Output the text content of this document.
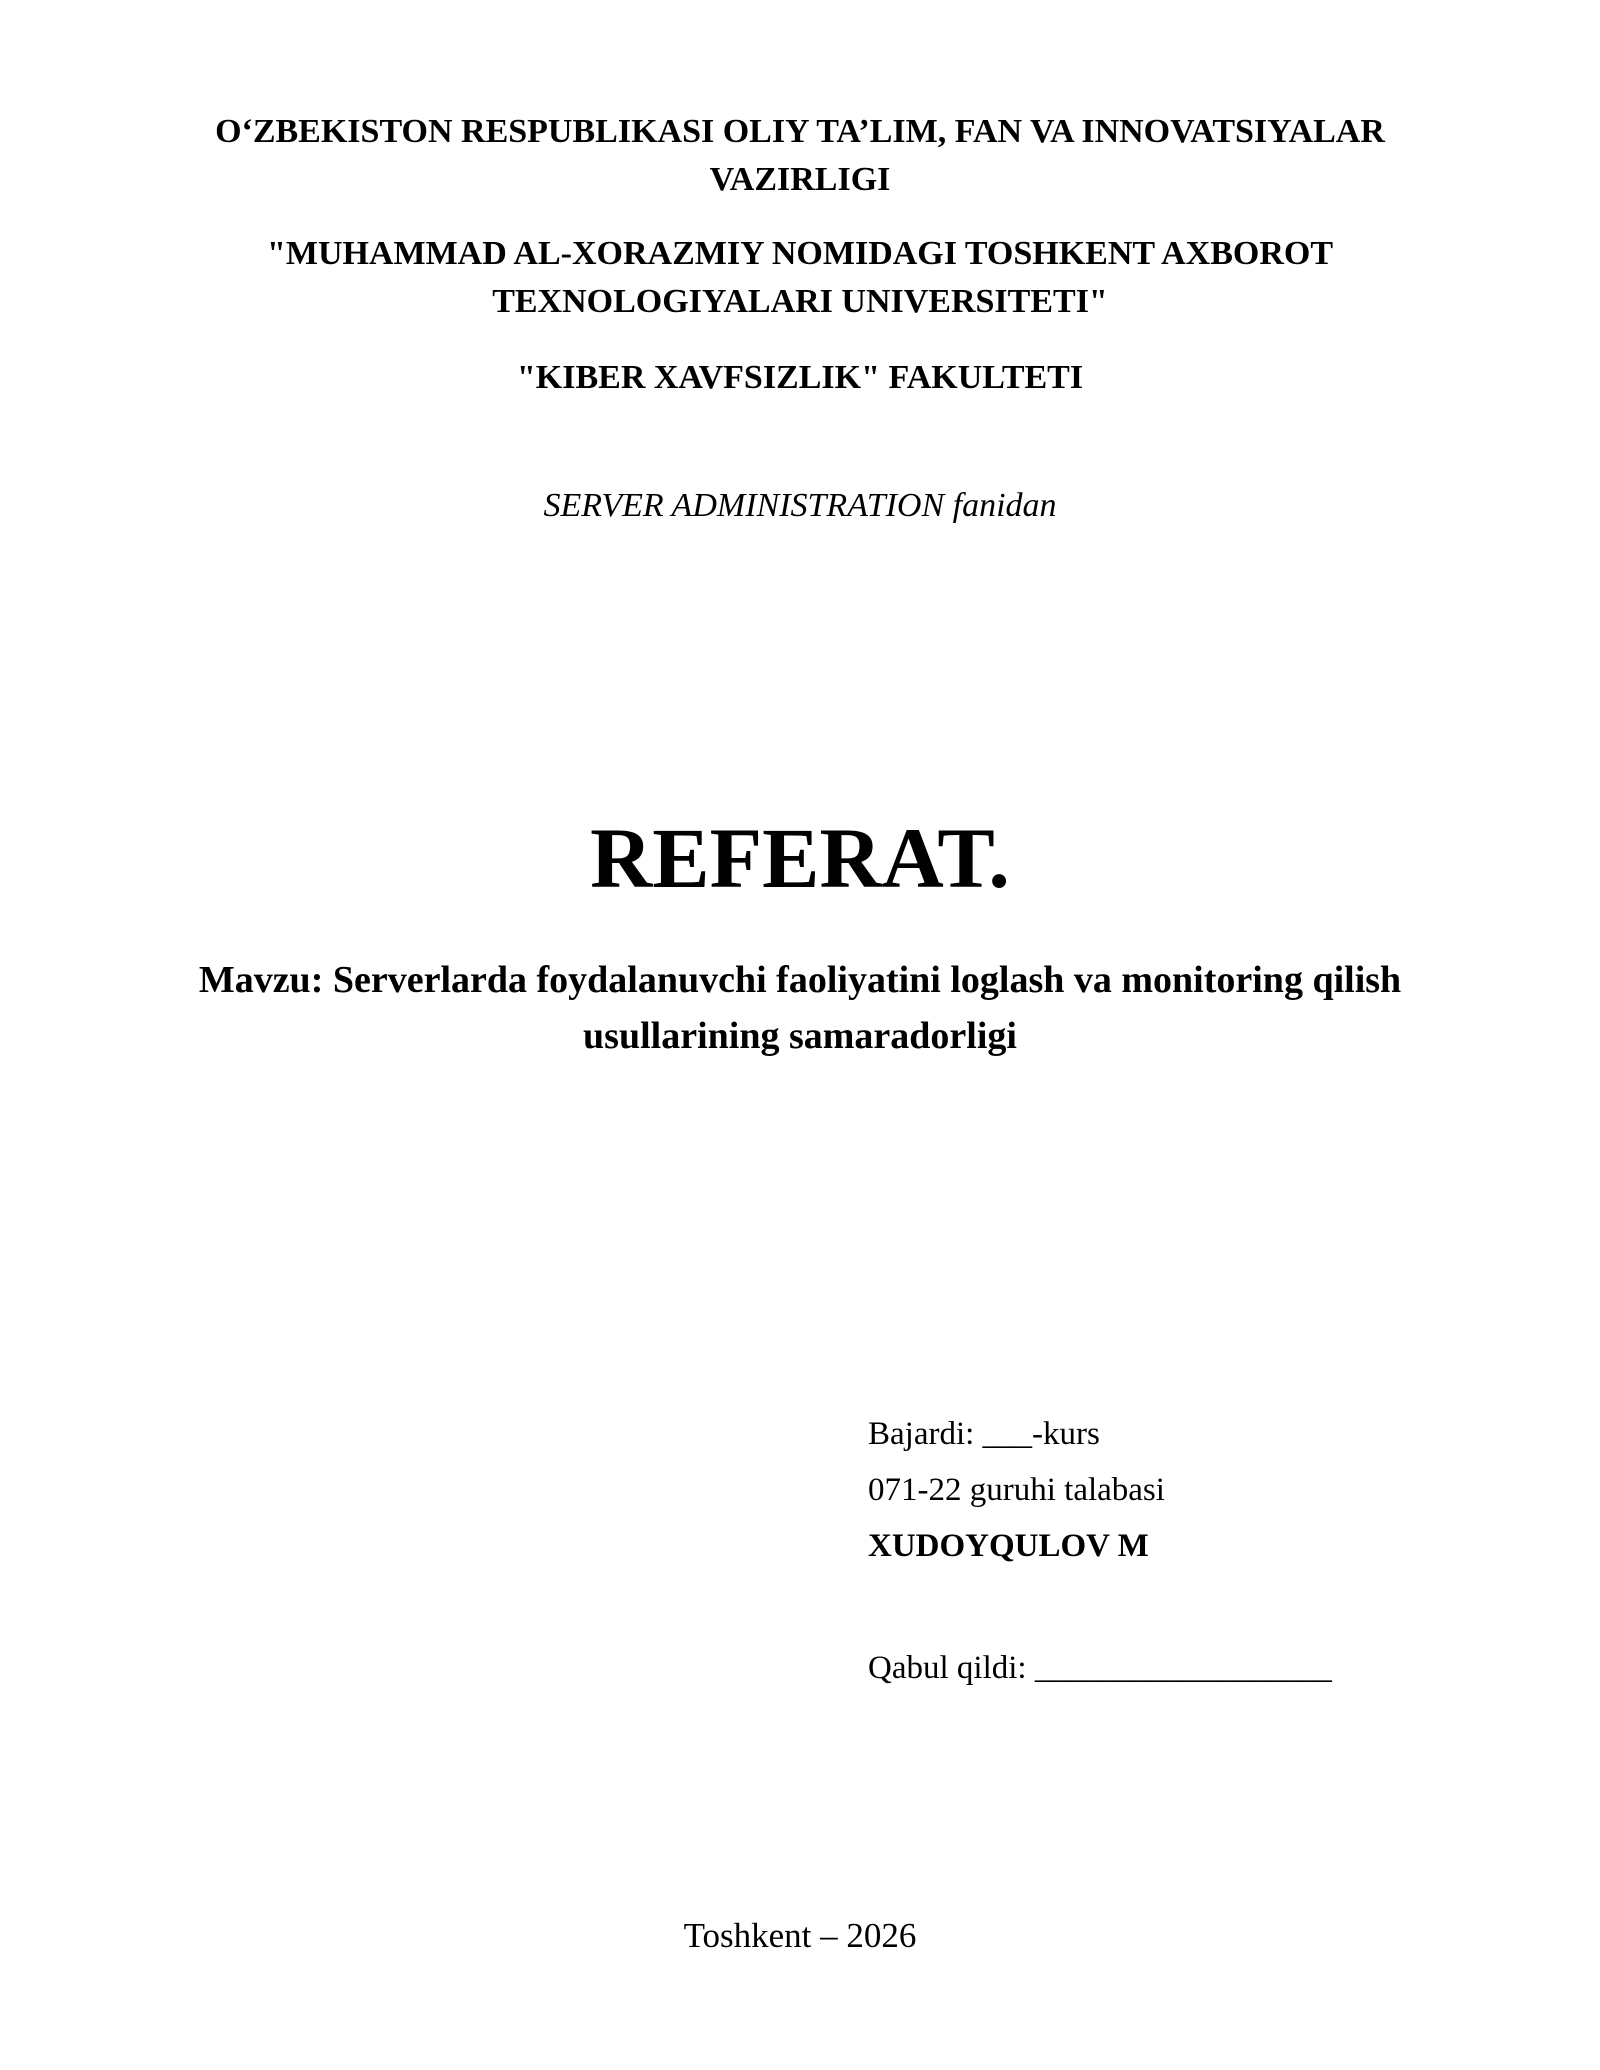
O‘ZBEKISTON RESPUBLIKASI OLIY TA’LIM, FAN VA INNOVATSIYALAR
VAZIRLIGI
"MUHAMMAD AL-XORAZMIY NOMIDAGI TOSHKENT AXBOROT
TEXNOLOGIYALARI UNIVERSITETI"
"KIBER XAVFSIZLIK" FAKULTETI
SERVER ADMINISTRATION fanidan
REFERAT.
Mavzu: Serverlarda foydalanuvchi faoliyatini loglash va monitoring qilish
usullarining samaradorligi
Bajardi: ___-kurs
071-22 guruhi talabasi
XUDOYQULOV M
Qabul qildi: __________________
Toshkent – 2026
